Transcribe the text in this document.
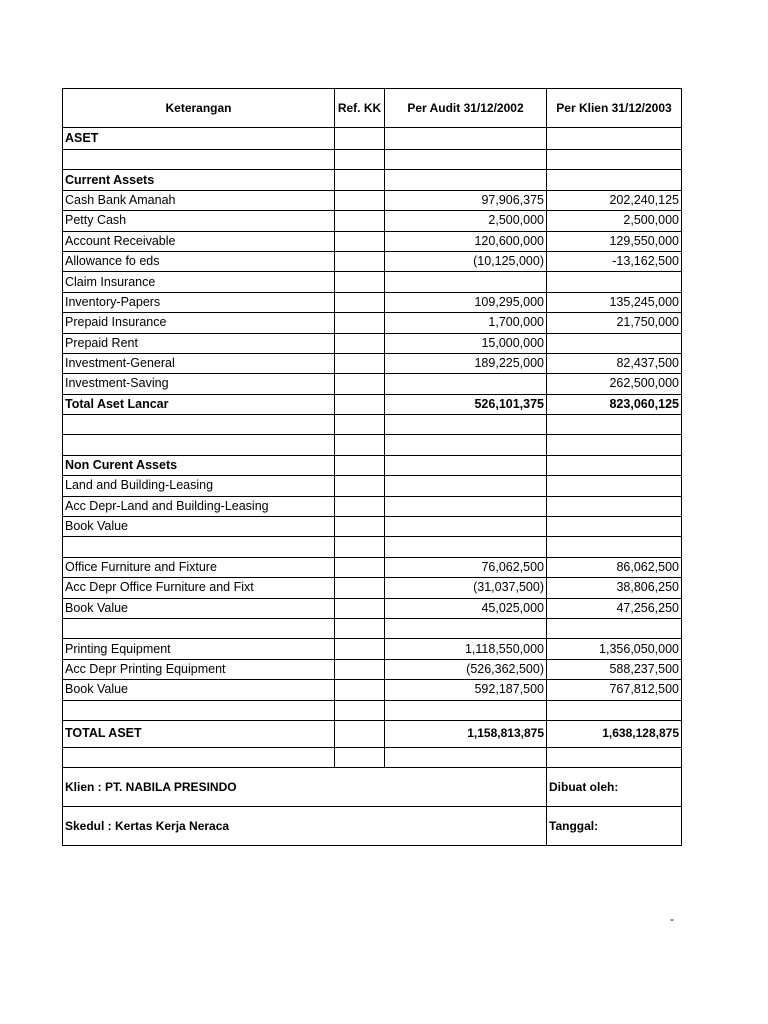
Keterangan	Ref. KK	Per Audit 31/12/2002	Per Klien 31/12/2003
ASET			

Current Assets			
Cash Bank Amanah		97,906,375	202,240,125
Petty Cash		2,500,000	2,500,000
Account Receivable		120,600,000	129,550,000
Allowance fo eds		(10,125,000)	-13,162,500
Claim Insurance			
Inventory-Papers		109,295,000	135,245,000
Prepaid Insurance		1,700,000	21,750,000
Prepaid Rent		15,000,000	
Investment-General		189,225,000	82,437,500
Investment-Saving			262,500,000
Total Aset Lancar		526,101,375	823,060,125

Non Curent Assets			
Land and Building-Leasing			
Acc Depr-Land and Building-Leasing			
Book Value			

Office Furniture and Fixture		76,062,500	86,062,500
Acc Depr Office Furniture and Fixt		(31,037,500)	38,806,250
Book Value		45,025,000	47,256,250

Printing Equipment		1,118,550,000	1,356,050,000
Acc Depr Printing Equipment		(526,362,500)	588,237,500
Book Value		592,187,500	767,812,500

TOTAL ASET		1,158,813,875	1,638,128,875

Klien : PT. NABILA PRESINDO			Dibuat oleh:
Skedul : Kertas Kerja Neraca			Tanggal:
-
